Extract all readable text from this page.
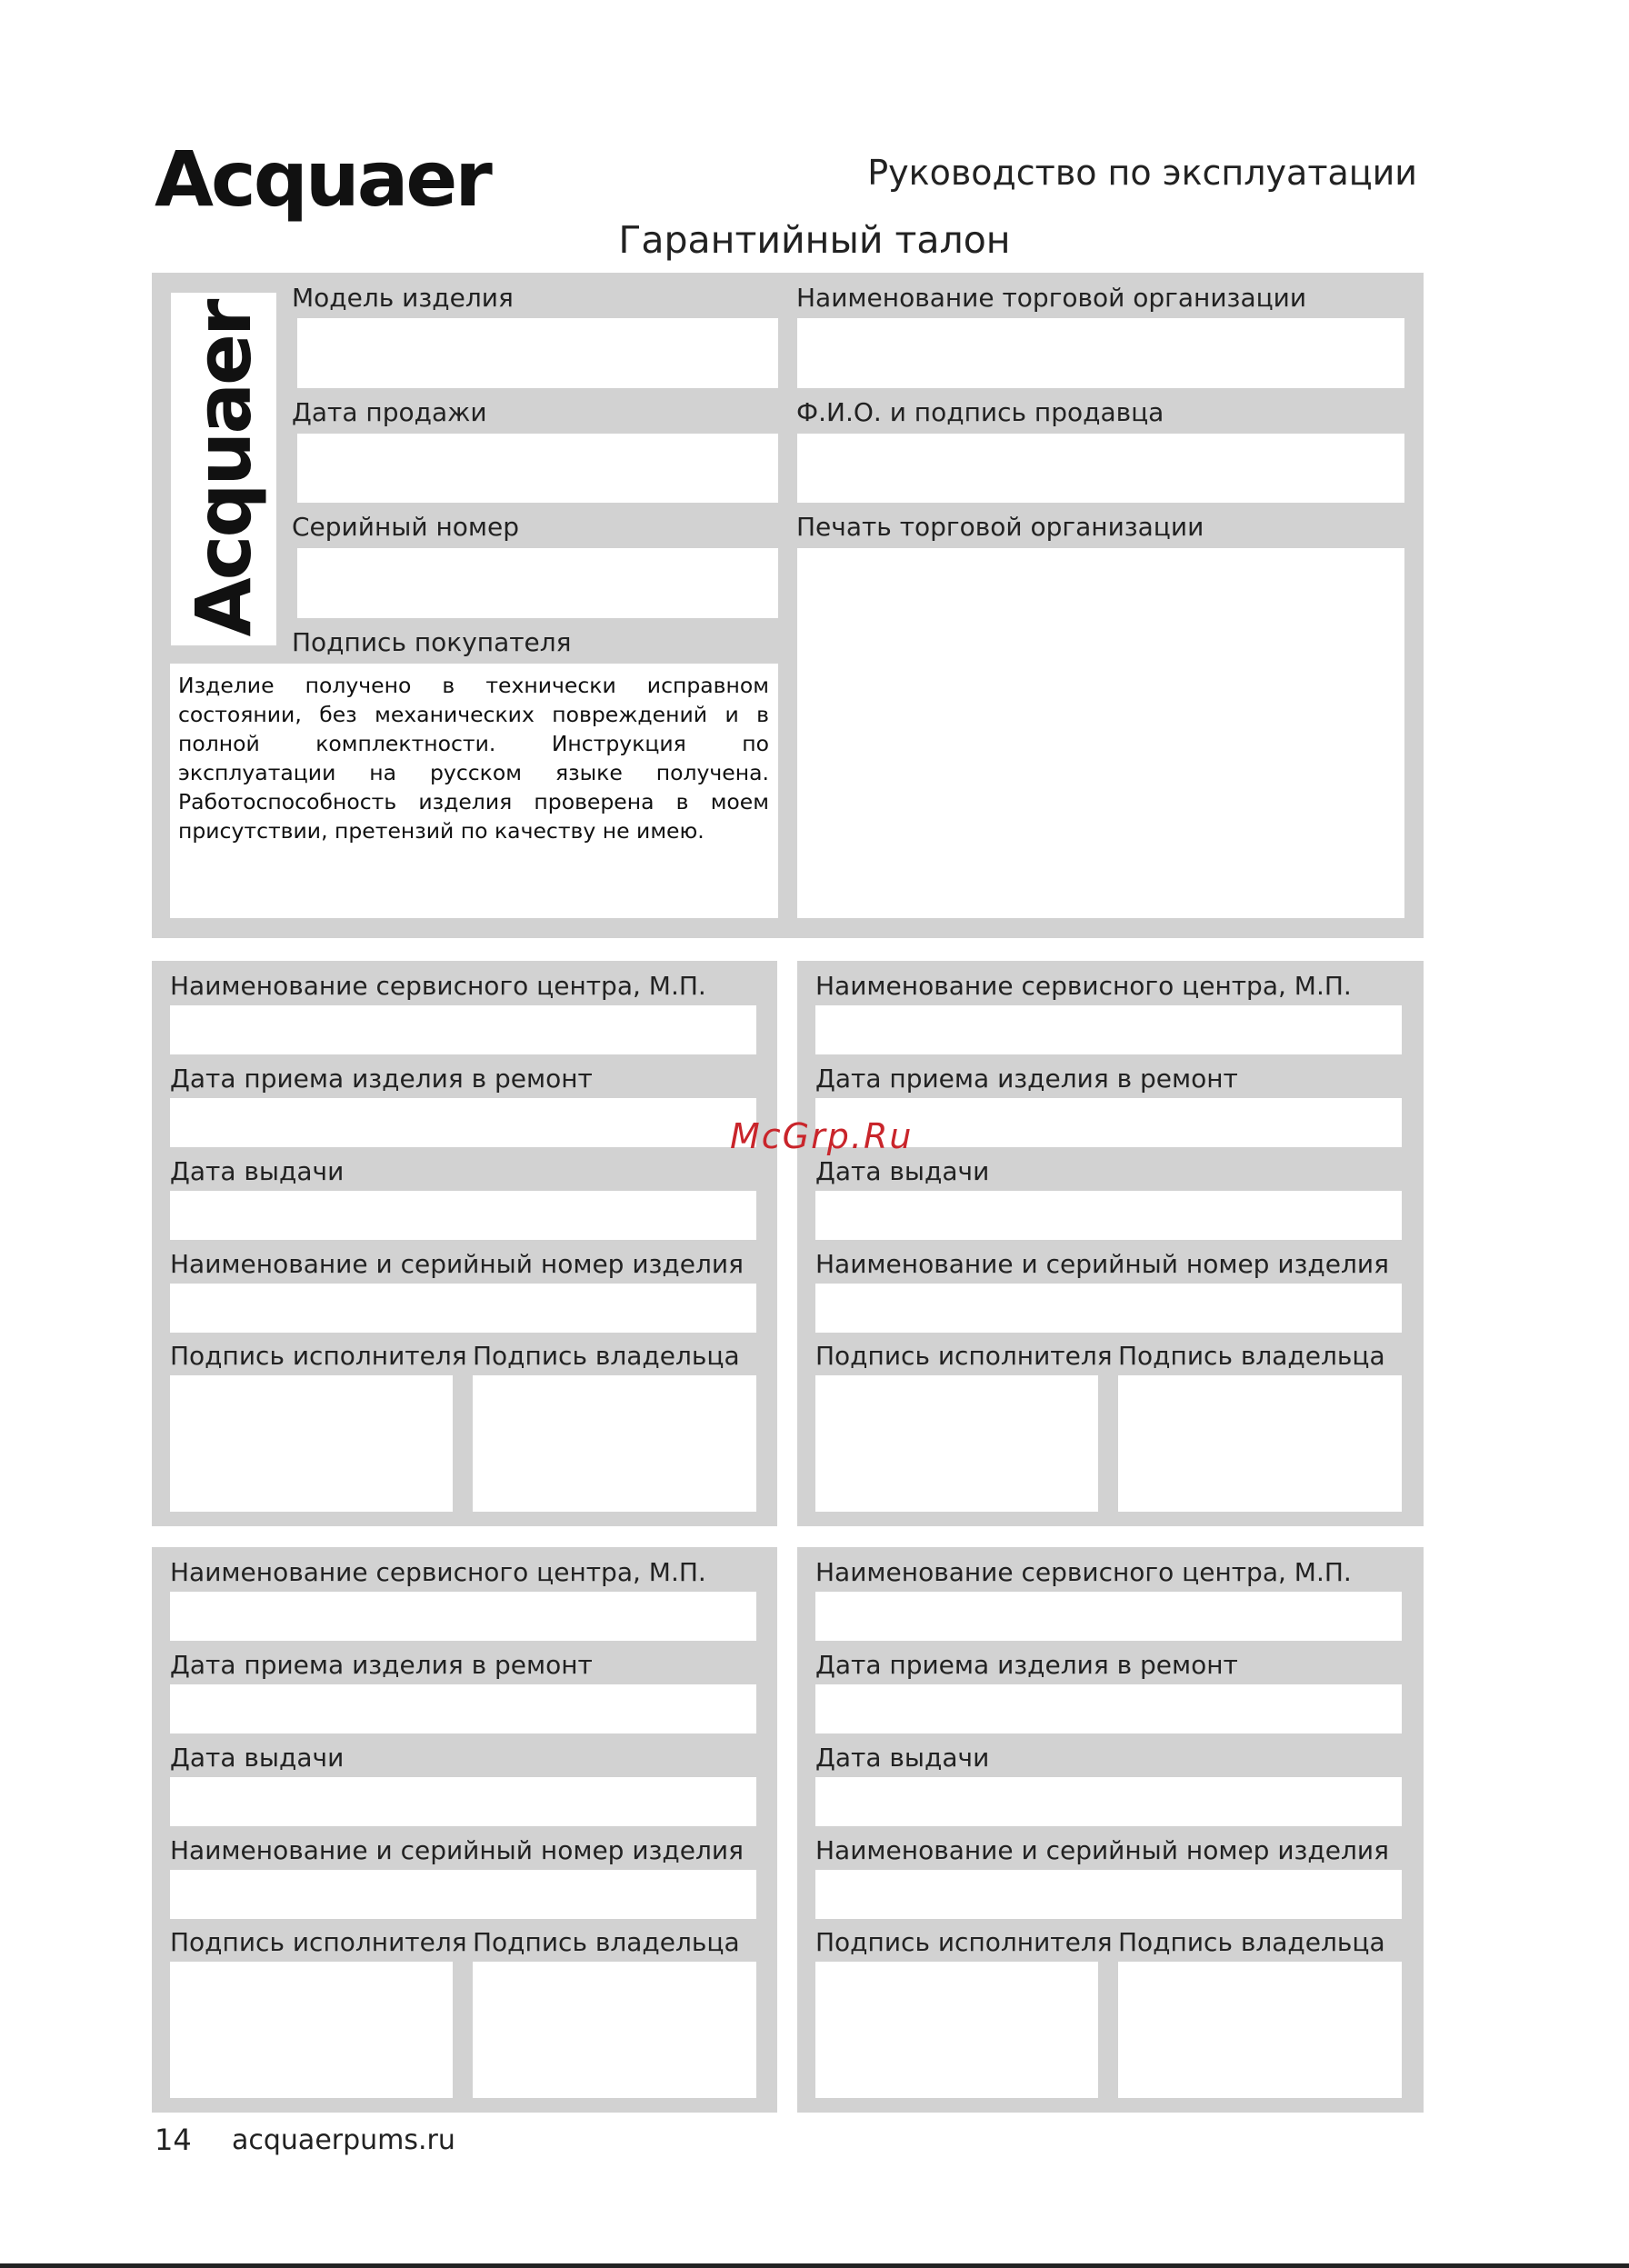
Acquaer	Руководство по эксплуатации
Гарантийный талон
Acquaer
Модель изделия
Дата продажи
Серийный номер
Подпись покупателя
Изделие получено в технически исправном состоянии, без механических повреждений и в полной комплектности. Инструкция по эксплуатации на русском языке получена. Работоспособность изделия проверена в моем присутствии, претензий по качеству не имею.
Наименование торговой организации
Ф.И.О. и подпись продавца
Печать торговой организации
Наименование сервисного центра, М.П.
Дата приема изделия в ремонт
Дата выдачи
Наименование и серийный номер изделия
Подпись исполнителя Подпись владельца
Наименование сервисного центра, М.П.
Дата приема изделия в ремонт
Дата выдачи
Наименование и серийный номер изделия
Подпись исполнителя Подпись владельца
Наименование сервисного центра, М.П.
Дата приема изделия в ремонт
Дата выдачи
Наименование и серийный номер изделия
Подпись исполнителя Подпись владельца
Наименование сервисного центра, М.П.
Дата приема изделия в ремонт
Дата выдачи
Наименование и серийный номер изделия
Подпись исполнителя Подпись владельца
McGrp.Ru
14 acquaerpums.ru
